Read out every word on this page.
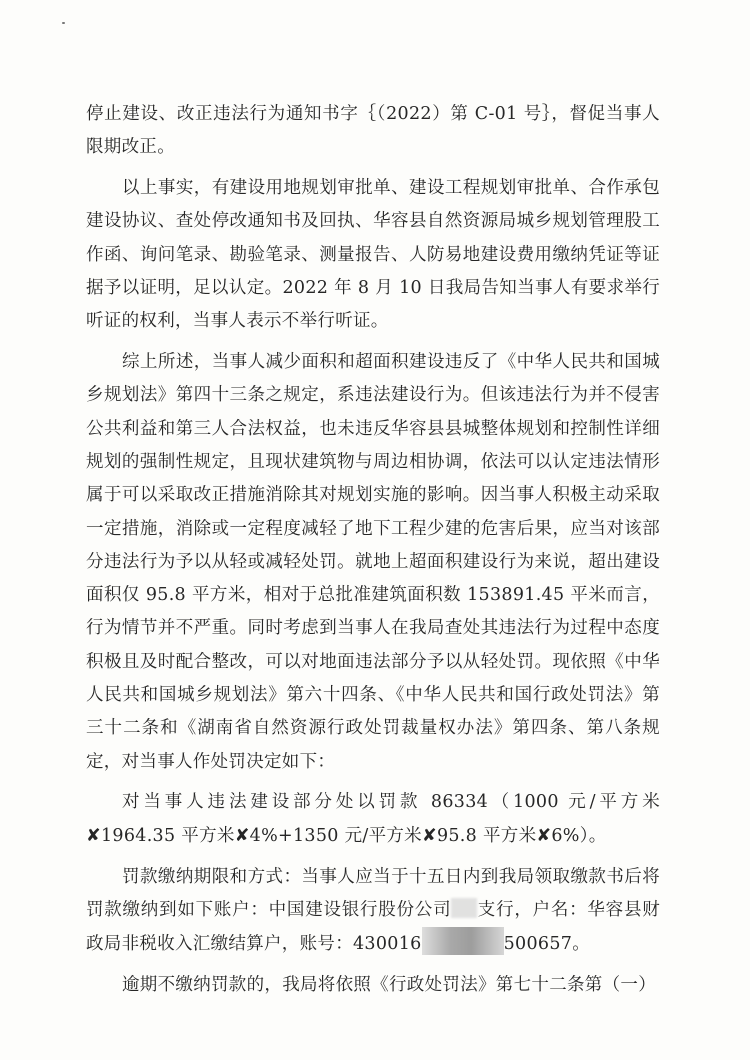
停止建设、改正违法行为通知书字｛（2022）第 C-01 号｝，督促当事人限期改正。

以上事实，有建设用地规划审批单、建设工程规划审批单、合作承包建设协议、查处停改通知书及回执、华容县自然资源局城乡规划管理股工作函、询问笔录、勘验笔录、测量报告、人防易地建设费用缴纳凭证等证据予以证明，足以认定。2022 年 8 月 10 日我局告知当事人有要求举行听证的权利，当事人表示不举行听证。

综上所述，当事人减少面积和超面积建设违反了《中华人民共和国城乡规划法》第四十三条之规定，系违法建设行为。但该违法行为并不侵害公共利益和第三人合法权益，也未违反华容县县城整体规划和控制性详细规划的强制性规定，且现状建筑物与周边相协调，依法可以认定违法情形属于可以采取改正措施消除其对规划实施的影响。因当事人积极主动采取一定措施，消除或一定程度减轻了地下工程少建的危害后果，应当对该部分违法行为予以从轻或减轻处罚。就地上超面积建设行为来说，超出建设面积仅 95.8 平方米，相对于总批准建筑面积数 153891.45 平米而言，行为情节并不严重。同时考虑到当事人在我局查处其违法行为过程中态度积极且及时配合整改，可以对地面违法部分予以从轻处罚。现依照《中华人民共和国城乡规划法》第六十四条、《中华人民共和国行政处罚法》第三十二条和《湖南省自然资源行政处罚裁量权办法》第四条、第八条规定，对当事人作处罚决定如下：

对当事人违法建设部分处以罚款 86334（1000 元/平方米✘1964.35 平方米✘4%+1350 元/平方米✘95.8 平方米✘6%）。

罚款缴纳期限和方式：当事人应当于十五日内到我局领取缴款书后将罚款缴纳到如下账户：中国建设银行股份公司 支行，户名：华容县财政局非税收入汇缴结算户，账号：430016	500657。

逾期不缴纳罚款的，我局将依照《行政处罚法》第七十二条第（一）
